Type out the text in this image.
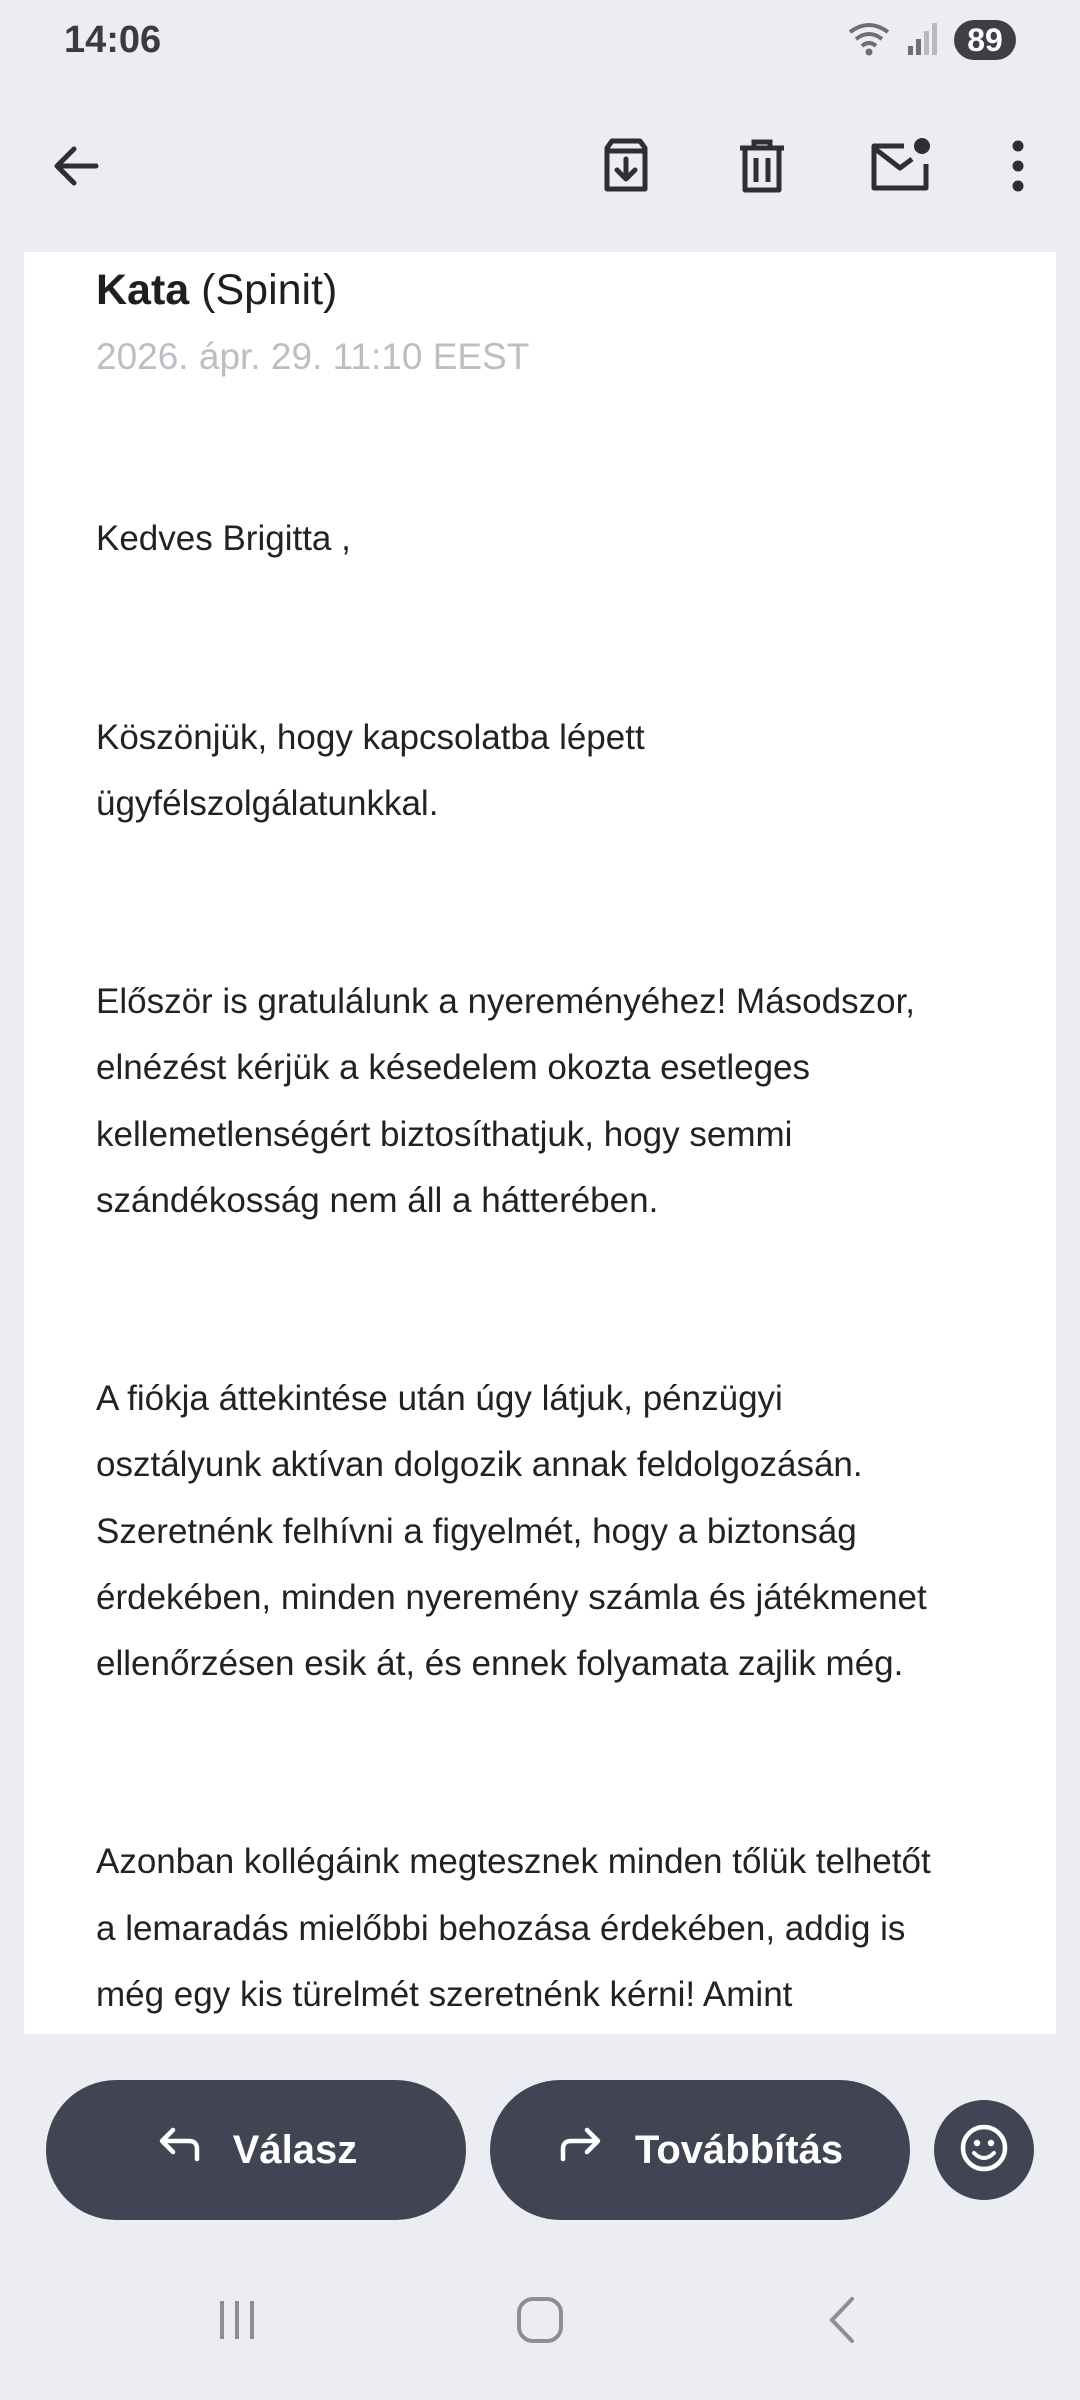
14:06	89
Kata (Spinit)
2026. ápr. 29. 11:10 EEST

Kedves Brigitta ,

Köszönjük, hogy kapcsolatba lépett
ügyfélszolgálatunkkal.

Először is gratulálunk a nyereményéhez! Másodszor,
elnézést kérjük a késedelem okozta esetleges
kellemetlenségért biztosíthatjuk, hogy semmi
szándékosság nem áll a hátterében.

A fiókja áttekintése után úgy látjuk, pénzügyi
osztályunk aktívan dolgozik annak feldolgozásán.
Szeretnénk felhívni a figyelmét, hogy a biztonság
érdekében, minden nyeremény számla és játékmenet
ellenőrzésen esik át, és ennek folyamata zajlik még.

Azonban kollégáink megtesznek minden tőlük telhetőt
a lemaradás mielőbbi behozása érdekében, addig is
még egy kis türelmét szeretnénk kérni! Amint

Válasz	Továbbítás
